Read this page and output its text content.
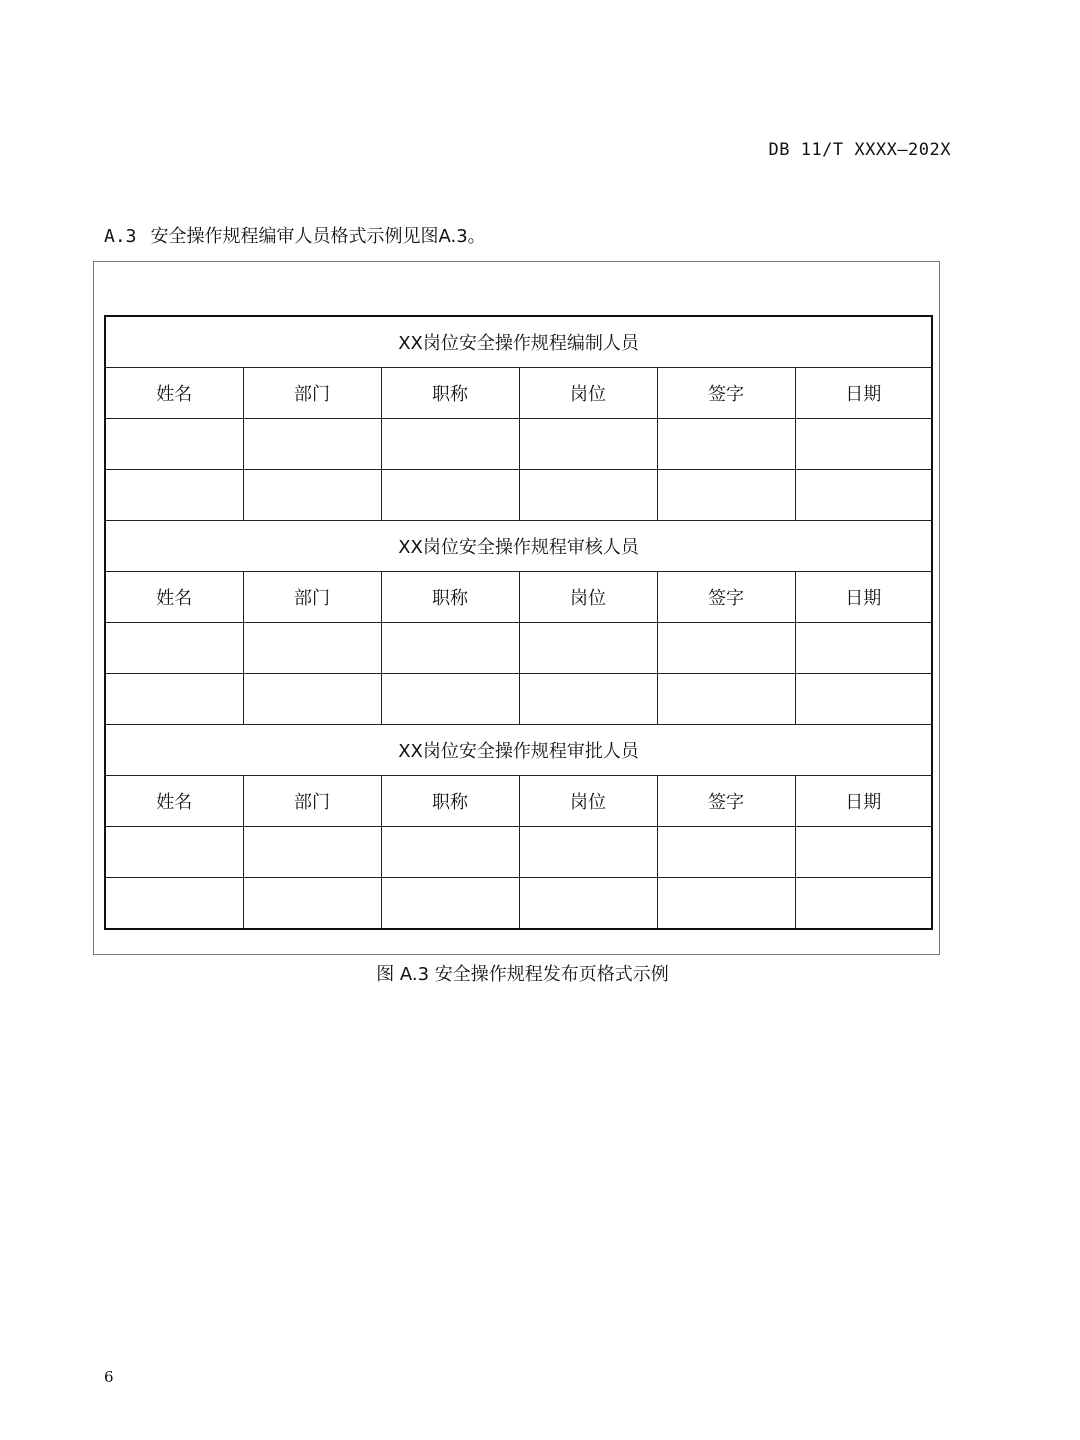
DB 11/T XXXX—202X
A.3 安全操作规程编审人员格式示例见图A.3。
XX岗位安全操作规程编制人员					
姓名	部门	职称	岗位	签字	日期

XX岗位安全操作规程审核人员					
姓名	部门	职称	岗位	签字	日期

XX岗位安全操作规程审批人员					
姓名	部门	职称	岗位	签字	日期

图 A.3 安全操作规程发布页格式示例
6
